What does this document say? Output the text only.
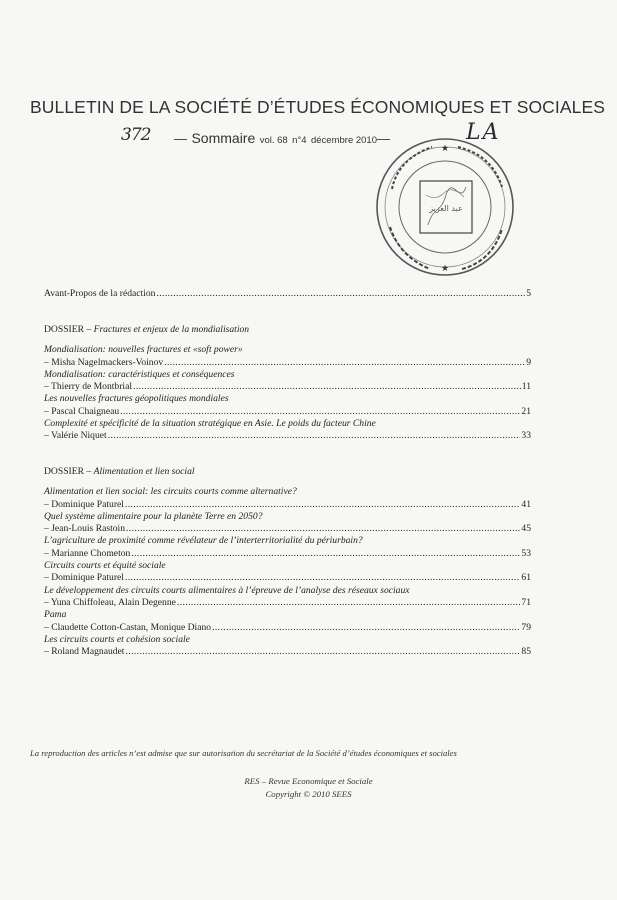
BULLETIN DE LA SOCIÉTÉ D’ÉTUDES ÉCONOMIQUES ET SOCIALES
372	LA
— Sommaire vol. 68 n°4 décembre 2010—
★
★
عبد العزيز
Avant-Propos de la rédaction .....	5
DOSSIER – Fractures et enjeux de la mondialisation
Mondialisation: nouvelles fractures et «soft power»
– Misha Nagelmackers-Voinov .....	9
Mondialisation: caractéristiques et conséquences
– Thierry de Montbrial .....	11
Les nouvelles fractures géopolitiques mondiales
– Pascal Chaigneau .....	21
Complexité et spécificité de la situation stratégique en Asie. Le poids du facteur Chine
– Valérie Niquet .....	33
DOSSIER – Alimentation et lien social
Alimentation et lien social: les circuits courts comme alternative?
– Dominique Paturel .....	41
Quel système alimentaire pour la planète Terre en 2050?
– Jean-Louis Rastoin .....	45
L’agriculture de proximité comme révélateur de l’interterritorialité du périurbain?
– Marianne Chometon .....	53
Circuits courts et équité sociale
– Dominique Paturel .....	61
Le développement des circuits courts alimentaires à l’épreuve de l’analyse des réseaux sociaux
– Yuna Chiffoleau, Alain Degenne .....	71
Pama
– Claudette Cotton-Castan, Monique Diano .....	79
Les circuits courts et cohésion sociale
– Roland Magnaudet .....	85
La reproduction des articles n’est admise que sur autorisation du secrétariat de la Société d’études économiques et sociales
RES – Revue Economique et Sociale
Copyright © 2010 SEES
